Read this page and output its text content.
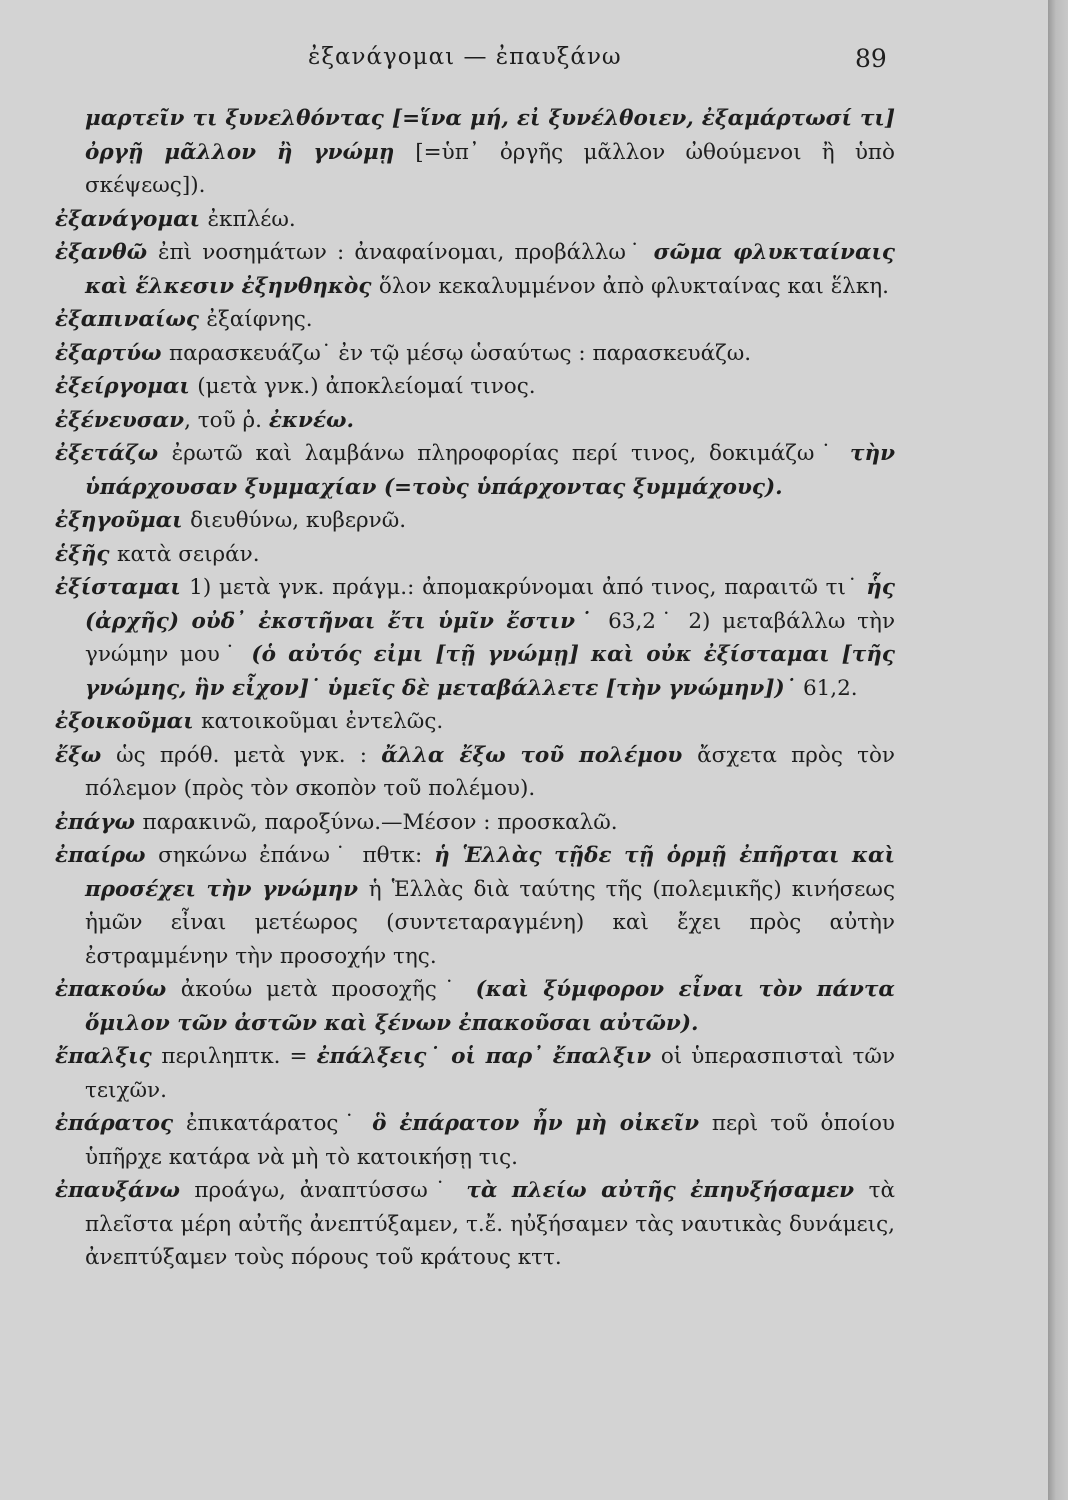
ἐξανάγομαι — ἐπαυξάνω	89
μαρτεῖν τι ξυνελθόντας [=ἵνα μή, εἰ ξυνέλθοιεν, ἐξαμάρτωσί τι] ὀργῇ μᾶλλον ἢ γνώμῃ [=ὑπ᾽ ὀργῆς μᾶλλον ὠθούμενοι ἢ ὑπὸ σκέψεως]).
ἐξανάγομαι ἐκπλέω.
ἐξανθῶ ἐπὶ νοσημάτων : ἀναφαίνομαι, προβάλλω˙ σῶμα φλυκταίναις καὶ ἕλκεσιν ἐξηνθηκὸς ὅλον κεκαλυμμένον ἀπὸ φλυκταίνας και ἕλκη.
ἐξαπιναίως ἐξαίφνης.
ἐξαρτύω παρασκευάζω˙ ἐν τῷ μέσῳ ὡσαύτως : παρασκευάζω.
ἐξείργομαι (μετὰ γνκ.) ἀποκλείομαί τινος.
ἐξένευσαν, τοῦ ῥ. ἐκνέω.
ἐξετάζω ἐρωτῶ καὶ λαμβάνω πληροφορίας περί τινος, δοκιμάζω˙ τὴν ὑπάρχουσαν ξυμμαχίαν (=τοὺς ὑπάρχοντας ξυμμάχους).
ἐξηγοῦμαι διευθύνω, κυβερνῶ.
ἑξῆς κατὰ σειράν.
ἐξίσταμαι 1) μετὰ γνκ. πράγμ.: ἀπομακρύνομαι ἀπό τινος, παραιτῶ τι˙ ἧς (ἀρχῆς) οὐδ᾽ ἐκστῆναι ἔτι ὑμῖν ἔστιν˙ 63,2˙ 2) μεταβάλλω τὴν γνώμην μου˙ (ὁ αὐτός εἰμι [τῇ γνώμῃ] καὶ οὐκ ἐξίσταμαι [τῆς γνώμης, ἣν εἶχον]˙ ὑμεῖς δὲ μεταβάλλετε [τὴν γνώμην])˙ 61,2.
ἐξοικοῦμαι κατοικοῦμαι ἐντελῶς.
ἔξω ὡς πρόθ. μετὰ γνκ. : ἄλλα ἔξω τοῦ πολέμου ἄσχετα πρὸς τὸν πόλεμον (πρὸς τὸν σκοπὸν τοῦ πολέμου).
ἐπάγω παρακινῶ, παροξύνω.—Μέσον : προσκαλῶ.
ἐπαίρω σηκώνω ἐπάνω˙ πθτκ: ἡ Ἑλλὰς τῇδε τῇ ὁρμῇ ἐπῆρται καὶ προσέχει τὴν γνώμην ἡ Ἑλλὰς διὰ ταύτης τῆς (πολεμικῆς) κινήσεως ἡμῶν εἶναι μετέωρος (συντεταραγμένη) καὶ ἔχει πρὸς αὐτὴν ἐστραμμένην τὴν προσοχήν της.
ἐπακούω ἀκούω μετὰ προσοχῆς˙ (καὶ ξύμφορον εἶναι τὸν πάντα ὅμιλον τῶν ἀστῶν καὶ ξένων ἐπακοῦσαι αὐτῶν).
ἔπαλξις περιληπτκ. = ἐπάλξεις˙ οἱ παρ᾽ ἔπαλξιν οἱ ὑπερασπισταὶ τῶν τειχῶν.
ἐπάρατος ἐπικατάρατος˙ ὃ ἐπάρατον ἦν μὴ οἰκεῖν περὶ τοῦ ὁποίου ὑπῆρχε κατάρα νὰ μὴ τὸ κατοικήσῃ τις.
ἐπαυξάνω προάγω, ἀναπτύσσω˙ τὰ πλείω αὐτῆς ἐπηυξήσαμεν τὰ πλεῖστα μέρη αὐτῆς ἀνεπτύξαμεν, τ.ἔ. ηὐξήσαμεν τὰς ναυτικὰς δυνάμεις, ἀνεπτύξαμεν τοὺς πόρους τοῦ κράτους κττ.
